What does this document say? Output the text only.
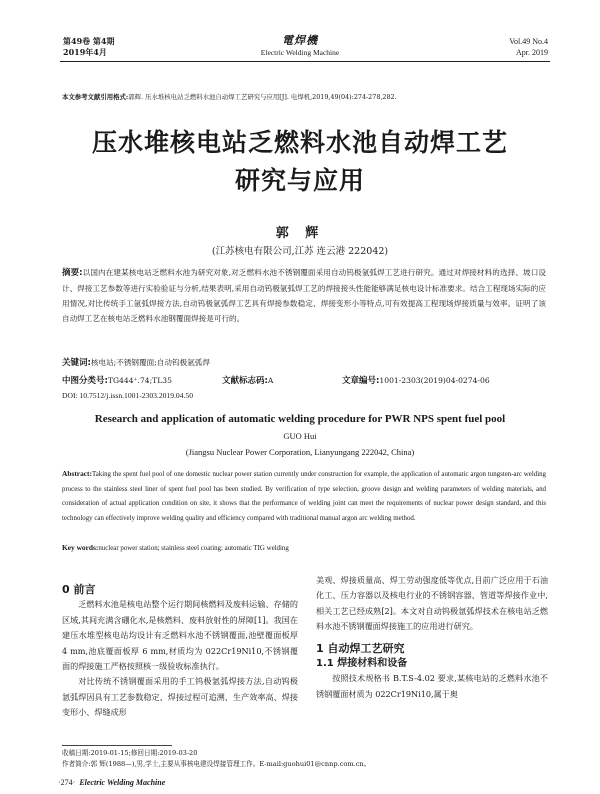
第49卷 第4期
2019年4月
電焊機
Electric Welding Machine
Vol.49 No.4
Apr. 2019
本文参考文献引用格式:郭辉. 压水堆核电站乏燃料水池自动焊工艺研究与应用[J]. 电焊机,2019,49(04):274-278,282.
压水堆核电站乏燃料水池自动焊工艺
研究与应用
郭 辉
(江苏核电有限公司,江苏 连云港 222042)
摘要:以国内在建某核电站乏燃料水池为研究对象,对乏燃料水池不锈钢覆面采用自动钨极氩弧焊工艺进行研究。通过对焊接材料的选择、坡口设计、焊接工艺参数等进行实验验证与分析,结果表明,采用自动钨极氩弧焊工艺的焊接接头性能能够满足核电设计标准要求。结合工程现场实际的应用情况,对比传统手工氩弧焊接方法,自动钨极氩弧焊工艺具有焊接参数稳定、焊接变形小等特点,可有效提高工程现场焊接质量与效率。证明了该自动焊工艺在核电站乏燃料水池钢覆面焊接是可行的。
关键词:核电站;不锈钢覆面;自动钨极氩弧焊
中图分类号:TG444⁺.74;TL35	文献标志码:A	文章编号:1001-2303(2019)04-0274-06
DOI: 10.7512/j.issn.1001-2303.2019.04.50
Research and application of automatic welding procedure for PWR NPS spent fuel pool
GUO Hui
(Jiangsu Nuclear Power Corporation, Lianyungang 222042, China)
Abstract:Taking the spent fuel pool of one domestic nuclear power station currently under construction for example, the application of automatic argon tungsten-arc welding process to the stainless steel liner of spent fuel pool has been studied. By verification of type selection, groove design and welding parameters of welding materials, and consideration of actual application condition on site, it shows that the performance of welding joint can meet the requirements of nuclear power design standard, and this technology can effectively improve welding quality and efficiency compared with traditional manual argon arc welding method.
Key words:nuclear power station; stainless steel coating; automatic TIG welding
0 前言

乏燃料水池是核电站整个运行期间核燃料及废料运输、存储的区域,其间充满含硼化水,是核燃料、废料放射性的屏障[1]。我国在建压水堆型核电站均设计有乏燃料水池不锈钢覆面,池壁覆面板厚 4 mm,池底覆面板厚 6 mm,材质均为 022Cr19Ni10,不锈钢覆面的焊接施工严格按照核一级验收标准执行。

对比传统不锈钢覆面采用的手工钨极氩弧焊接方法,自动钨极氩弧焊因具有工艺参数稳定、焊接过程可追溯、生产效率高、焊接变形小、焊缝成形

美观、焊接质量高、焊工劳动强度低等优点,目前广泛应用于石油化工、压力容器以及核电行业的不锈钢容器、管道等焊接作业中,相关工艺已经成熟[2]。本文对自动钨极氩弧焊技术在核电站乏燃料水池不锈钢覆面焊接施工的应用进行研究。

1 自动焊工艺研究
1.1 焊接材料和设备

按照技术规格书 B.T.S-4.02 要求,某核电站的乏燃料水池不锈钢覆面材质为 022Cr19Ni10,属于奥

收稿日期:2019-01-15;修回日期:2019-03-20
作者简介:郭 辉(1988—),男,学士,主要从事核电建设焊接管理工作。E-mail:guohui01@cnnp.com.cn。
·274· Electric Welding Machine
